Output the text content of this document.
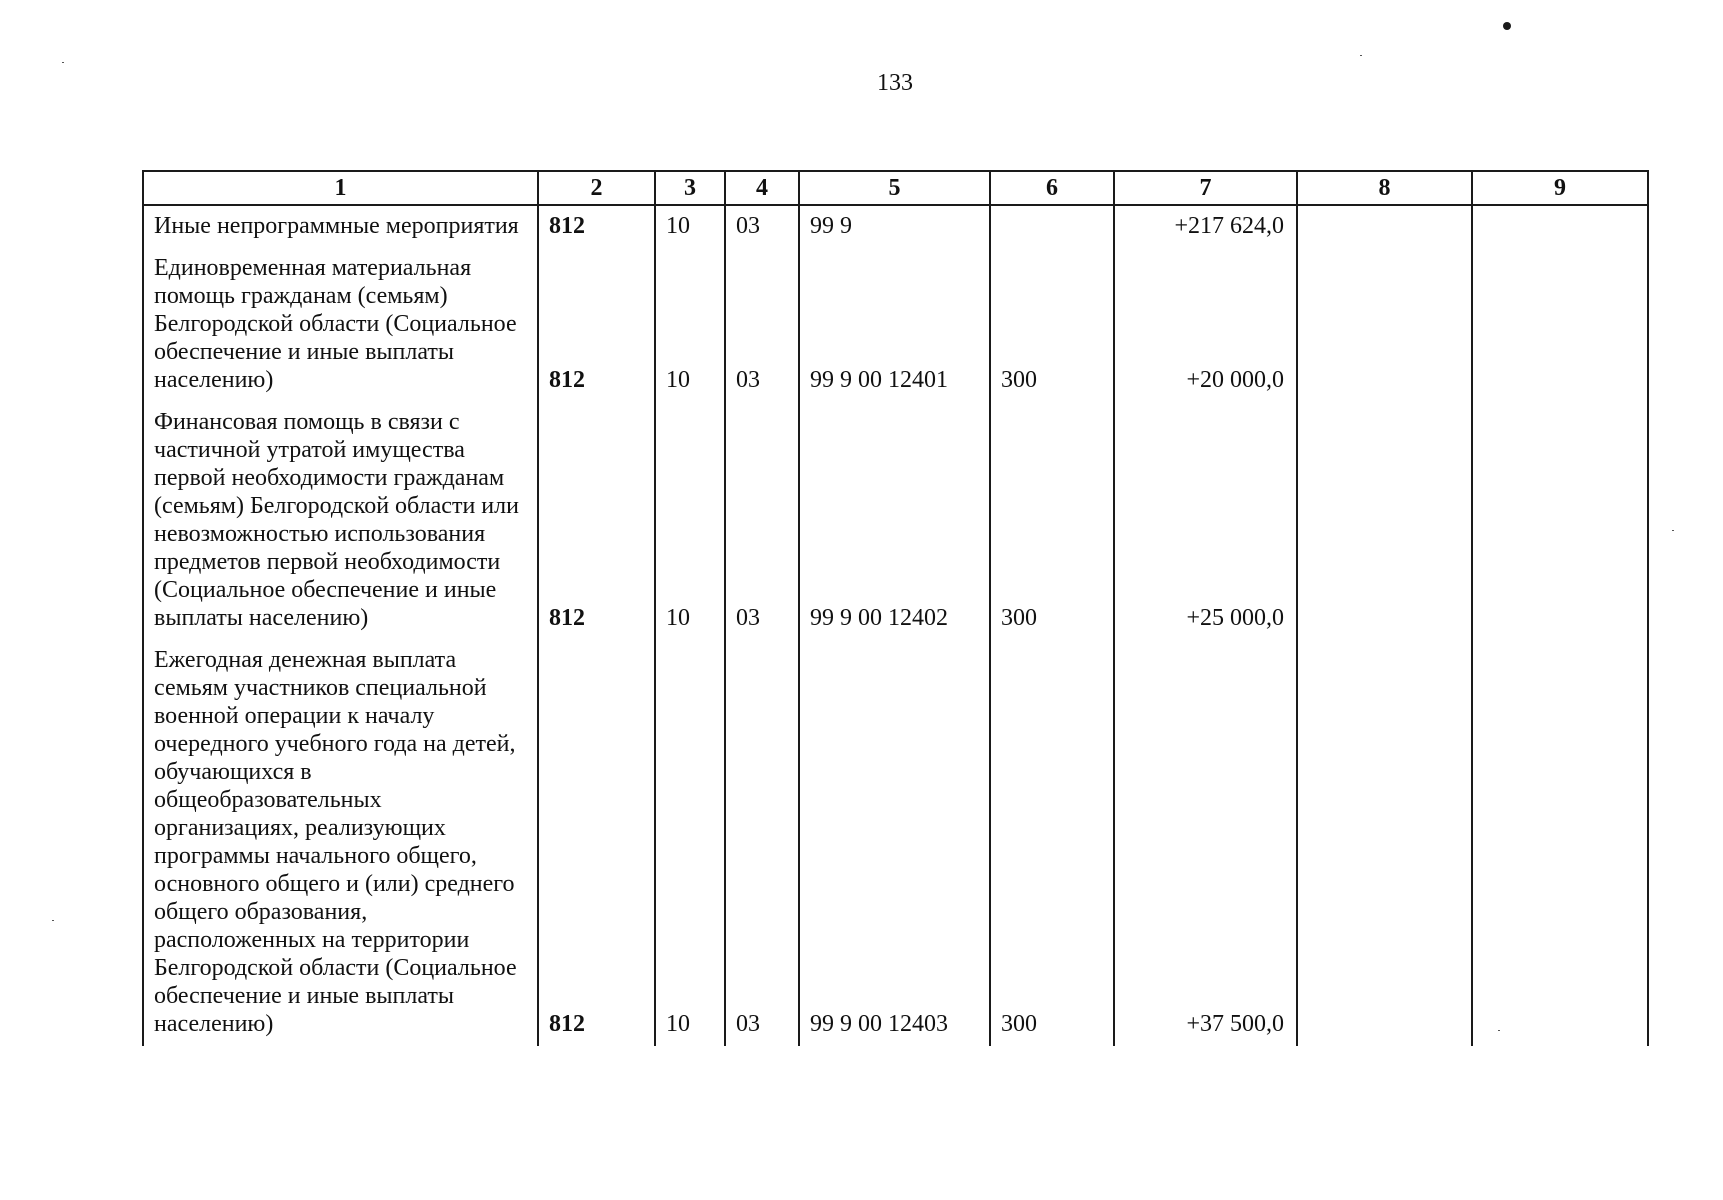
133
1	2	3	4	5	6	7	8	9
Иные непрограммные мероприятия	812	10	03	99 9		+217 624,0		
Единовременная материальная помощь гражданам (семьям) Белгородской области (Социальное обеспечение и иные выплаты населению)	812	10	03	99 9 00 12401	300	+20 000,0		
Финансовая помощь в связи с частичной утратой имущества первой необходимости гражданам (семьям) Белгородской области или невозможностью использования предметов первой необходимости (Социальное обеспечение и иные выплаты населению)	812	10	03	99 9 00 12402	300	+25 000,0		
Ежегодная денежная выплата семьям участников специальной военной операции к началу очередного учебного года на детей, обучающихся в общеобразовательных организациях, реализующих программы начального общего, основного общего и (или) среднего общего образования, расположенных на территории Белгородской области (Социальное обеспечение и иные выплаты населению)	812	10	03	99 9 00 12403	300	+37 500,0		
